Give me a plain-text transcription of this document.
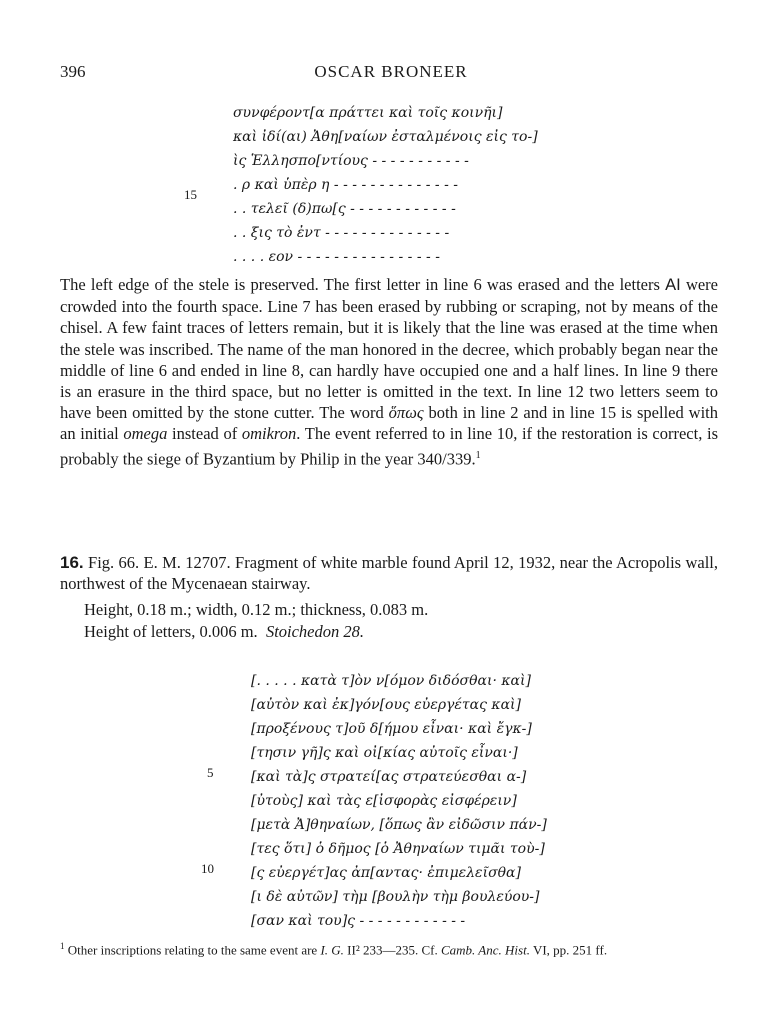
396	OSCAR BRONEER
συνφέροντ[α πράττει καὶ τοῖς κοινῆι]
καὶ ἰδί(αι) Ἀθη[ναίων ἐσταλμένοις εἰς το-]
ὶς Ἑλλησπο[ντίους - - - - - - - - - - -
. ρ καὶ ὑπὲρ η - - - - - - - - - - - - - -
. . τελεῖ (δ)πω[ς - - - - - - - - - - - -
. . ξις τὸ ἐντ - - - - - - - - - - - - - -
. . . . εον - - - - - - - - - - - - - - - -
15
The left edge of the stele is preserved. The first letter in line 6 was erased and the letters AI were crowded into the fourth space. Line 7 has been erased by rubbing or scraping, not by means of the chisel. A few faint traces of letters remain, but it is likely that the line was erased at the time when the stele was inscribed. The name of the man honored in the decree, which probably began near the middle of line 6 and ended in line 8, can hardly have occupied one and a half lines. In line 9 there is an erasure in the third space, but no letter is omitted in the text. In line 12 two letters seem to have been omitted by the stone cutter. The word ὅπως both in line 2 and in line 15 is spelled with an initial omega instead of omikron. The event referred to in line 10, if the restoration is correct, is probably the siege of Byzantium by Philip in the year 340/339.$^1$
16. Fig. 66. E. M. 12707. Fragment of white marble found April 12, 1932, near the Acropolis wall, northwest of the Mycenaean stairway.
Height, 0.18 m.; width, 0.12 m.; thickness, 0.083 m.
Height of letters, 0.006 m. Stoichedon 28.
[. . . . . κατὰ τ]ὸν ν[όμον διδόσθαι· καὶ]
[αὐτὸν καὶ ἐκ]γόν[ους εὐεργέτας καὶ]
[προξένους τ]οῦ δ[ήμου εἶναι· καὶ ἔγκ-]
[τησιν γῆ]ς καὶ οἰ[κίας αὐτοῖς εἶναι·]
[καὶ τὰ]ς στρατεί[ας στρατεύεσθαι α-]
[ὐτοὺς] καὶ τὰς ε[ἰσφορὰς εἰσφέρειν]
[μετὰ Ἀ]θηναίων, [ὅπως ἂν εἰδῶσιν πάν-]
[τες ὅτι] ὁ δῆμος [ὁ Ἀθηναίων τιμᾶι τοὺ-]
[ς εὐεργέτ]ας ἀπ[αντας· ἐπιμελεῖσθα]
[ι δὲ αὐτῶν] τὴμ [βουλὴν τὴμ βουλεύου-]
[σαν καὶ του]ς - - - - - - - - - - - -
5
10
$^1$ Other inscriptions relating to the same event are I. G. II² 233—235. Cf. Camb. Anc. Hist. VI, pp. 251 ff.
